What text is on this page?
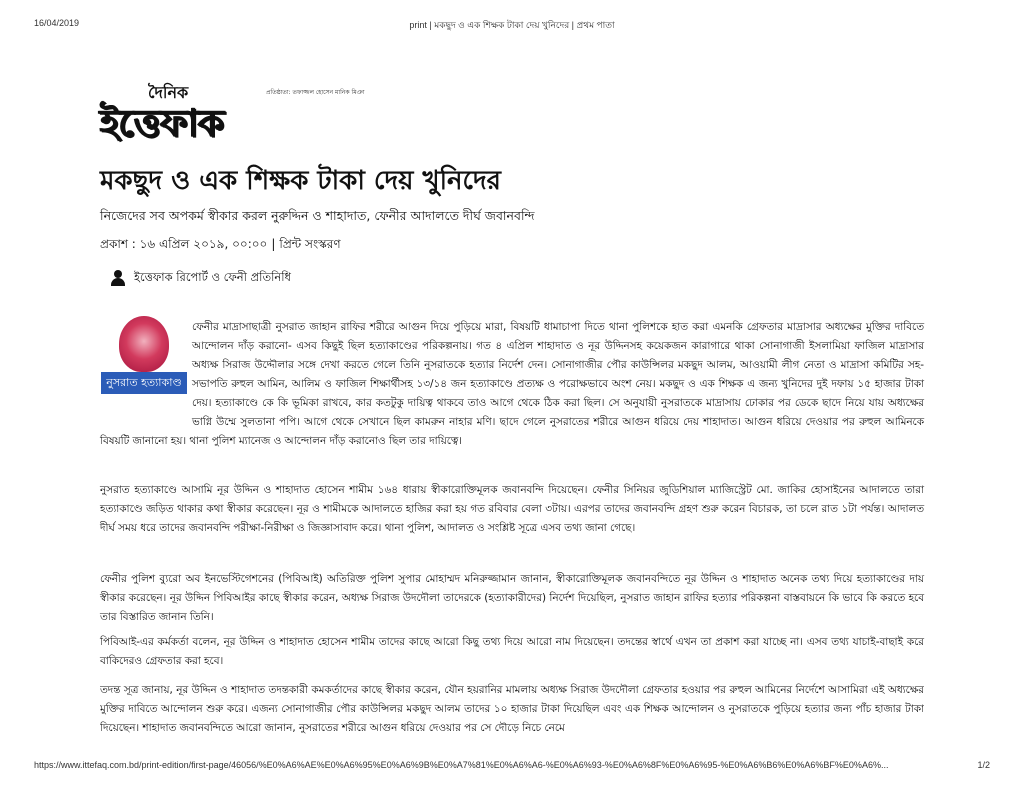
16/04/2019	print | মকছুদ ও এক শিক্ষক টাকা দেয় খুনিদের | প্রথম পাতা
দৈনিক	প্রতিষ্ঠাতা: তফাজ্জল হোসেন মানিক মিঞা
ইত্তেফাক
মকছুদ ও এক শিক্ষক টাকা দেয় খুনিদের
নিজেদের সব অপকর্ম স্বীকার করল নুরুদ্দিন ও শাহাদাত, ফেনীর আদালতে দীর্ঘ জবানবন্দি
প্রকাশ : ১৬ এপ্রিল ২০১৯, ০০:০০ | প্রিন্ট সংস্করণ
ইত্তেফাক রিপোর্ট ও ফেনী প্রতিনিধি
নুসরাত হত্যাকাণ্ড

ফেনীর মাদ্রাসাছাত্রী নুসরাত জাহান রাফির শরীরে আগুন দিয়ে পুড়িয়ে মারা, বিষয়টি ধামাচাপা দিতে থানা পুলিশকে হাত করা এমনকি গ্রেফতার মাদ্রাসার অধ্যক্ষের মুক্তির দাবিতে আন্দোলন দাঁড় করানো- এসব কিছুই ছিল হত্যাকাণ্ডের পরিকল্পনায়। গত ৪ এপ্রিল শাহাদাত ও নূর উদ্দিনসহ কয়েকজন কারাগারে থাকা সোনাগাজী ইসলামিয়া ফাজিল মাদ্রাসার অধ্যক্ষ সিরাজ উদ্দৌলার সঙ্গে দেখা করতে গেলে তিনি নুসরাতকে হত্যার নির্দেশ দেন। সোনাগাজীর পৌর কাউন্সিলর মকছুদ আলম, আওয়ামী লীগ নেতা ও মাদ্রাসা কমিটির সহ-সভাপতি রুহুল আমিন, আলিম ও ফাজিল শিক্ষার্থীসহ ১৩/১৪ জন হত্যাকাণ্ডে প্রত্যক্ষ ও পরোক্ষভাবে অংশ নেয়। মকছুদ ও এক শিক্ষক এ জন্য খুনিদের দুই দফায় ১৫ হাজার টাকা দেয়। হত্যাকাণ্ডে কে কি ভূমিকা রাখবে, কার কতটুকু দায়িত্ব থাকবে তাও আগে থেকে ঠিক করা ছিল। সে অনুযায়ী নুসরাতকে মাদ্রাসায় ঢোকার পর ডেকে ছাদে নিয়ে যায় অধ্যক্ষের ভাগ্নি উম্মে সুলতানা পপি। আগে থেকে সেখানে ছিল কামরুন নাহার মণি। ছাদে গেলে নুসরাতের শরীরে আগুন ধরিয়ে দেয় শাহাদাত। আগুন ধরিয়ে দেওয়ার পর রুহুল আমিনকে বিষয়টি জানানো হয়। থানা পুলিশ ম্যানেজ ও আন্দোলন দাঁড় করানোও ছিল তার দায়িত্বে।

নুসরাত হত্যাকাণ্ডে আসামি নূর উদ্দিন ও শাহাদাত হোসেন শামীম ১৬৪ ধারায় স্বীকারোক্তিমূলক জবানবন্দি দিয়েছেন। ফেনীর সিনিয়র জুডিশিয়াল ম্যাজিস্ট্রেট মো. জাকির হোসাইনের আদালতে তারা হত্যাকাণ্ডে জড়িত থাকার কথা স্বীকার করেছেন। নূর ও শামীমকে আদালতে হাজির করা হয় গত রবিবার বেলা ৩টায়। এরপর তাদের জবানবন্দি গ্রহণ শুরু করেন বিচারক, তা চলে রাত ১টা পর্যন্ত। আদালত দীর্ঘ সময় ধরে তাদের জবানবন্দি পরীক্ষা-নিরীক্ষা ও জিজ্ঞাসাবাদ করে। থানা পুলিশ, আদালত ও সংশ্লিষ্ট সূত্রে এসব তথ্য জানা গেছে।

ফেনীর পুলিশ ব্যুরো অব ইনভেস্টিগেশনের (পিবিআই) অতিরিক্ত পুলিশ সুপার মোহাম্মদ মনিরুজ্জামান জানান, স্বীকারোক্তিমূলক জবানবন্দিতে নূর উদ্দিন ও শাহাদাত অনেক তথ্য দিয়ে হত্যাকাণ্ডের দায় স্বীকার করেছেন। নূর উদ্দিন পিবিআইর কাছে স্বীকার করেন, অধ্যক্ষ সিরাজ উদদৌলা তাদেরকে (হত্যাকারীদের) নির্দেশ দিয়েছিল, নুসরাত জাহান রাফির হত্যার পরিকল্পনা বাস্তবায়নে কি ভাবে কি করতে হবে তার বিস্তারিত জানান তিনি।

পিবিআই-এর কর্মকর্তা বলেন, নূর উদ্দিন ও শাহাদাত হোসেন শামীম তাদের কাছে আরো কিছু তথ্য দিয়ে আরো নাম দিয়েছেন। তদন্তের স্বার্থে এখন তা প্রকাশ করা যাচ্ছে না। এসব তথ্য যাচাই-বাছাই করে বাকিদেরও গ্রেফতার করা হবে।

তদন্ত সূত্র জানায়, নূর উদ্দিন ও শাহাদাত তদন্তকারী কমকর্তাদের কাছে স্বীকার করেন, যৌন হয়রানির মামলায় অধ্যক্ষ সিরাজ উদদৌলা গ্রেফতার হওয়ার পর রুহুল আমিনের নির্দেশে আসামিরা এই অধ্যক্ষের মুক্তির দাবিতে আন্দোলন শুরু করে। এজন্য সোনাগাজীর পৌর কাউন্সিলর মকছুদ আলম তাদের ১০ হাজার টাকা দিয়েছিল এবং এক শিক্ষক আন্দোলন ও নুসরাতকে পুড়িয়ে হত্যার জন্য পাঁচ হাজার টাকা দিয়েছেন। শাহাদাত জবানবন্দিতে আরো জানান, নুসরাতের শরীরে আগুন ধরিয়ে দেওয়ার পর সে দৌড়ে নিচে নেমে

https://www.ittefaq.com.bd/print-edition/first-page/46056/%E0%A6%AE%E0%A6%95%E0%A6%9B%E0%A7%81%E0%A6%A6-%E0%A6%93-%E0%A6%8F%E0%A6%95-%E0%A6%B6%E0%A6%BF%E0%A6%...	1/2
